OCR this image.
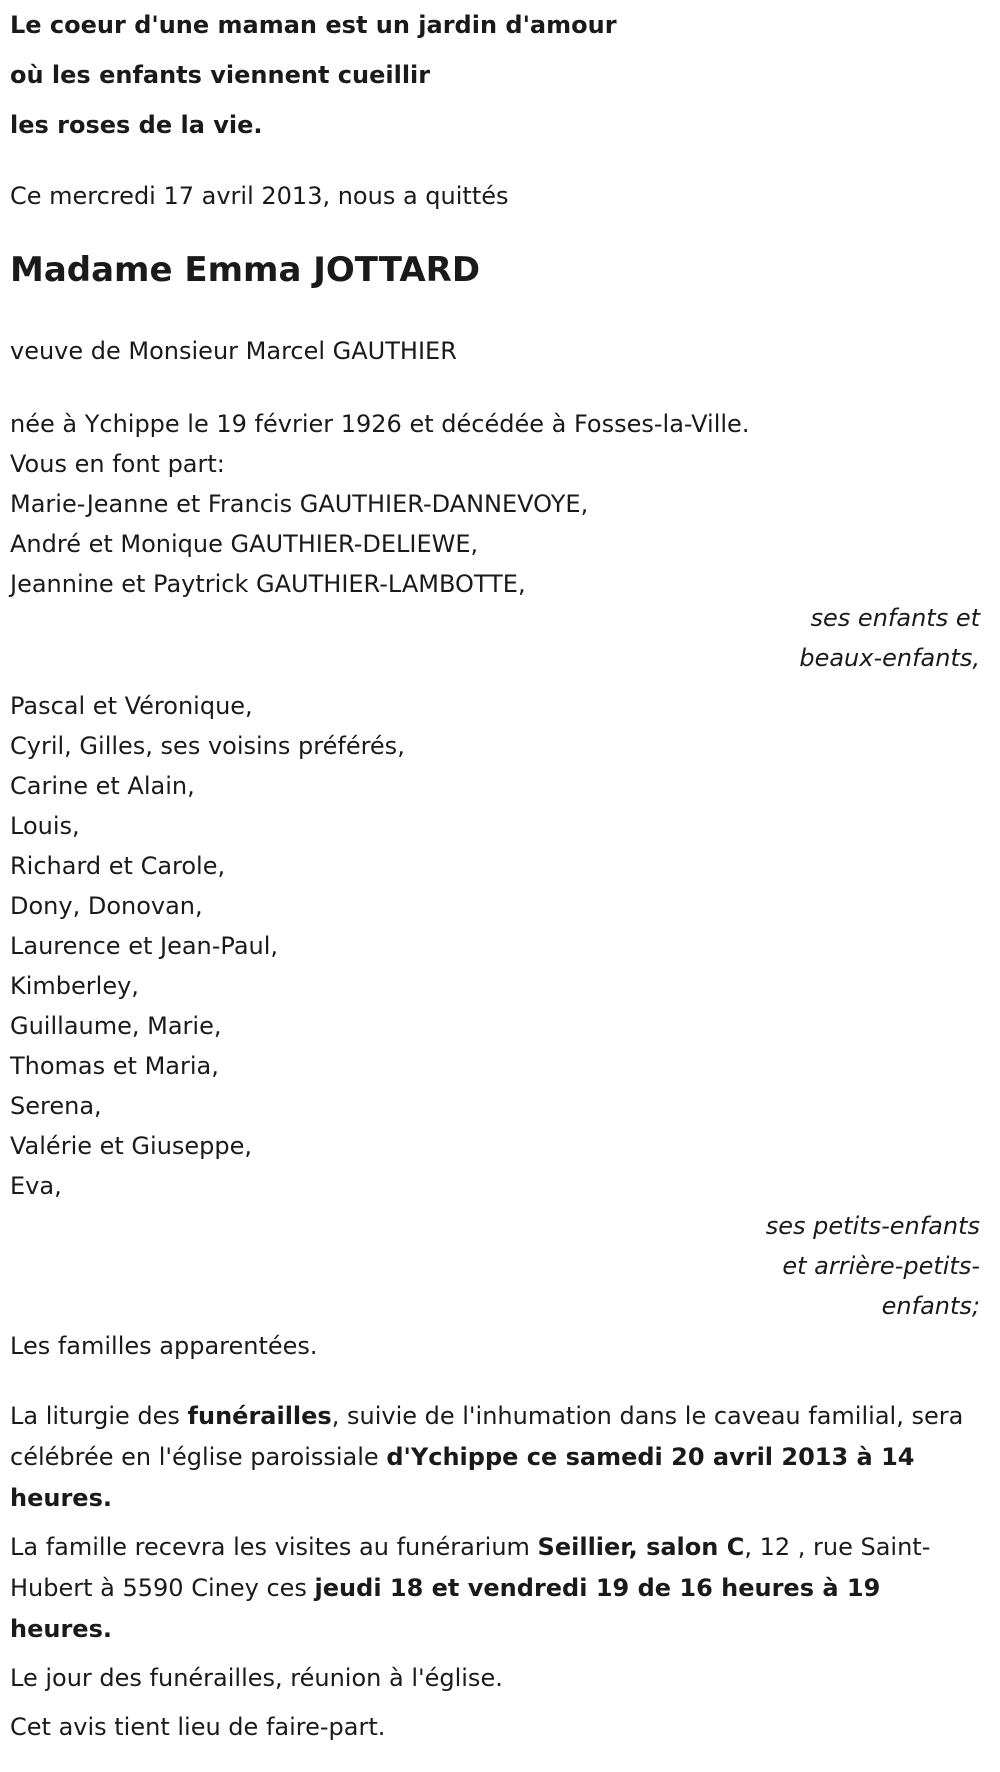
Le coeur d'une maman est un jardin d'amour
où les enfants viennent cueillir
les roses de la vie.
Ce mercredi 17 avril 2013, nous a quittés
Madame Emma JOTTARD
veuve de Monsieur Marcel GAUTHIER
née à Ychippe le 19 février 1926 et décédée à Fosses-la-Ville.
Vous en font part:
Marie-Jeanne et Francis GAUTHIER-DANNEVOYE,
André et Monique GAUTHIER-DELIEWE,
Jeannine et Paytrick GAUTHIER-LAMBOTTE,
ses enfants et
beaux-enfants,
Pascal et Véronique,
Cyril, Gilles, ses voisins préférés,
Carine et Alain,
Louis,
Richard et Carole,
Dony, Donovan,
Laurence et Jean-Paul,
Kimberley,
Guillaume, Marie,
Thomas et Maria,
Serena,
Valérie et Giuseppe,
Eva,
ses petits-enfants
et arrière-petits-
enfants;
Les familles apparentées.
La liturgie des funérailles, suivie de l'inhumation dans le caveau familial, sera célébrée en l'église paroissiale d'Ychippe ce samedi 20 avril 2013 à 14 heures.
La famille recevra les visites au funérarium Seillier, salon C, 12 , rue Saint-Hubert à 5590 Ciney ces jeudi 18 et vendredi 19 de 16 heures à 19 heures.
Le jour des funérailles, réunion à l'église.
Cet avis tient lieu de faire-part.
